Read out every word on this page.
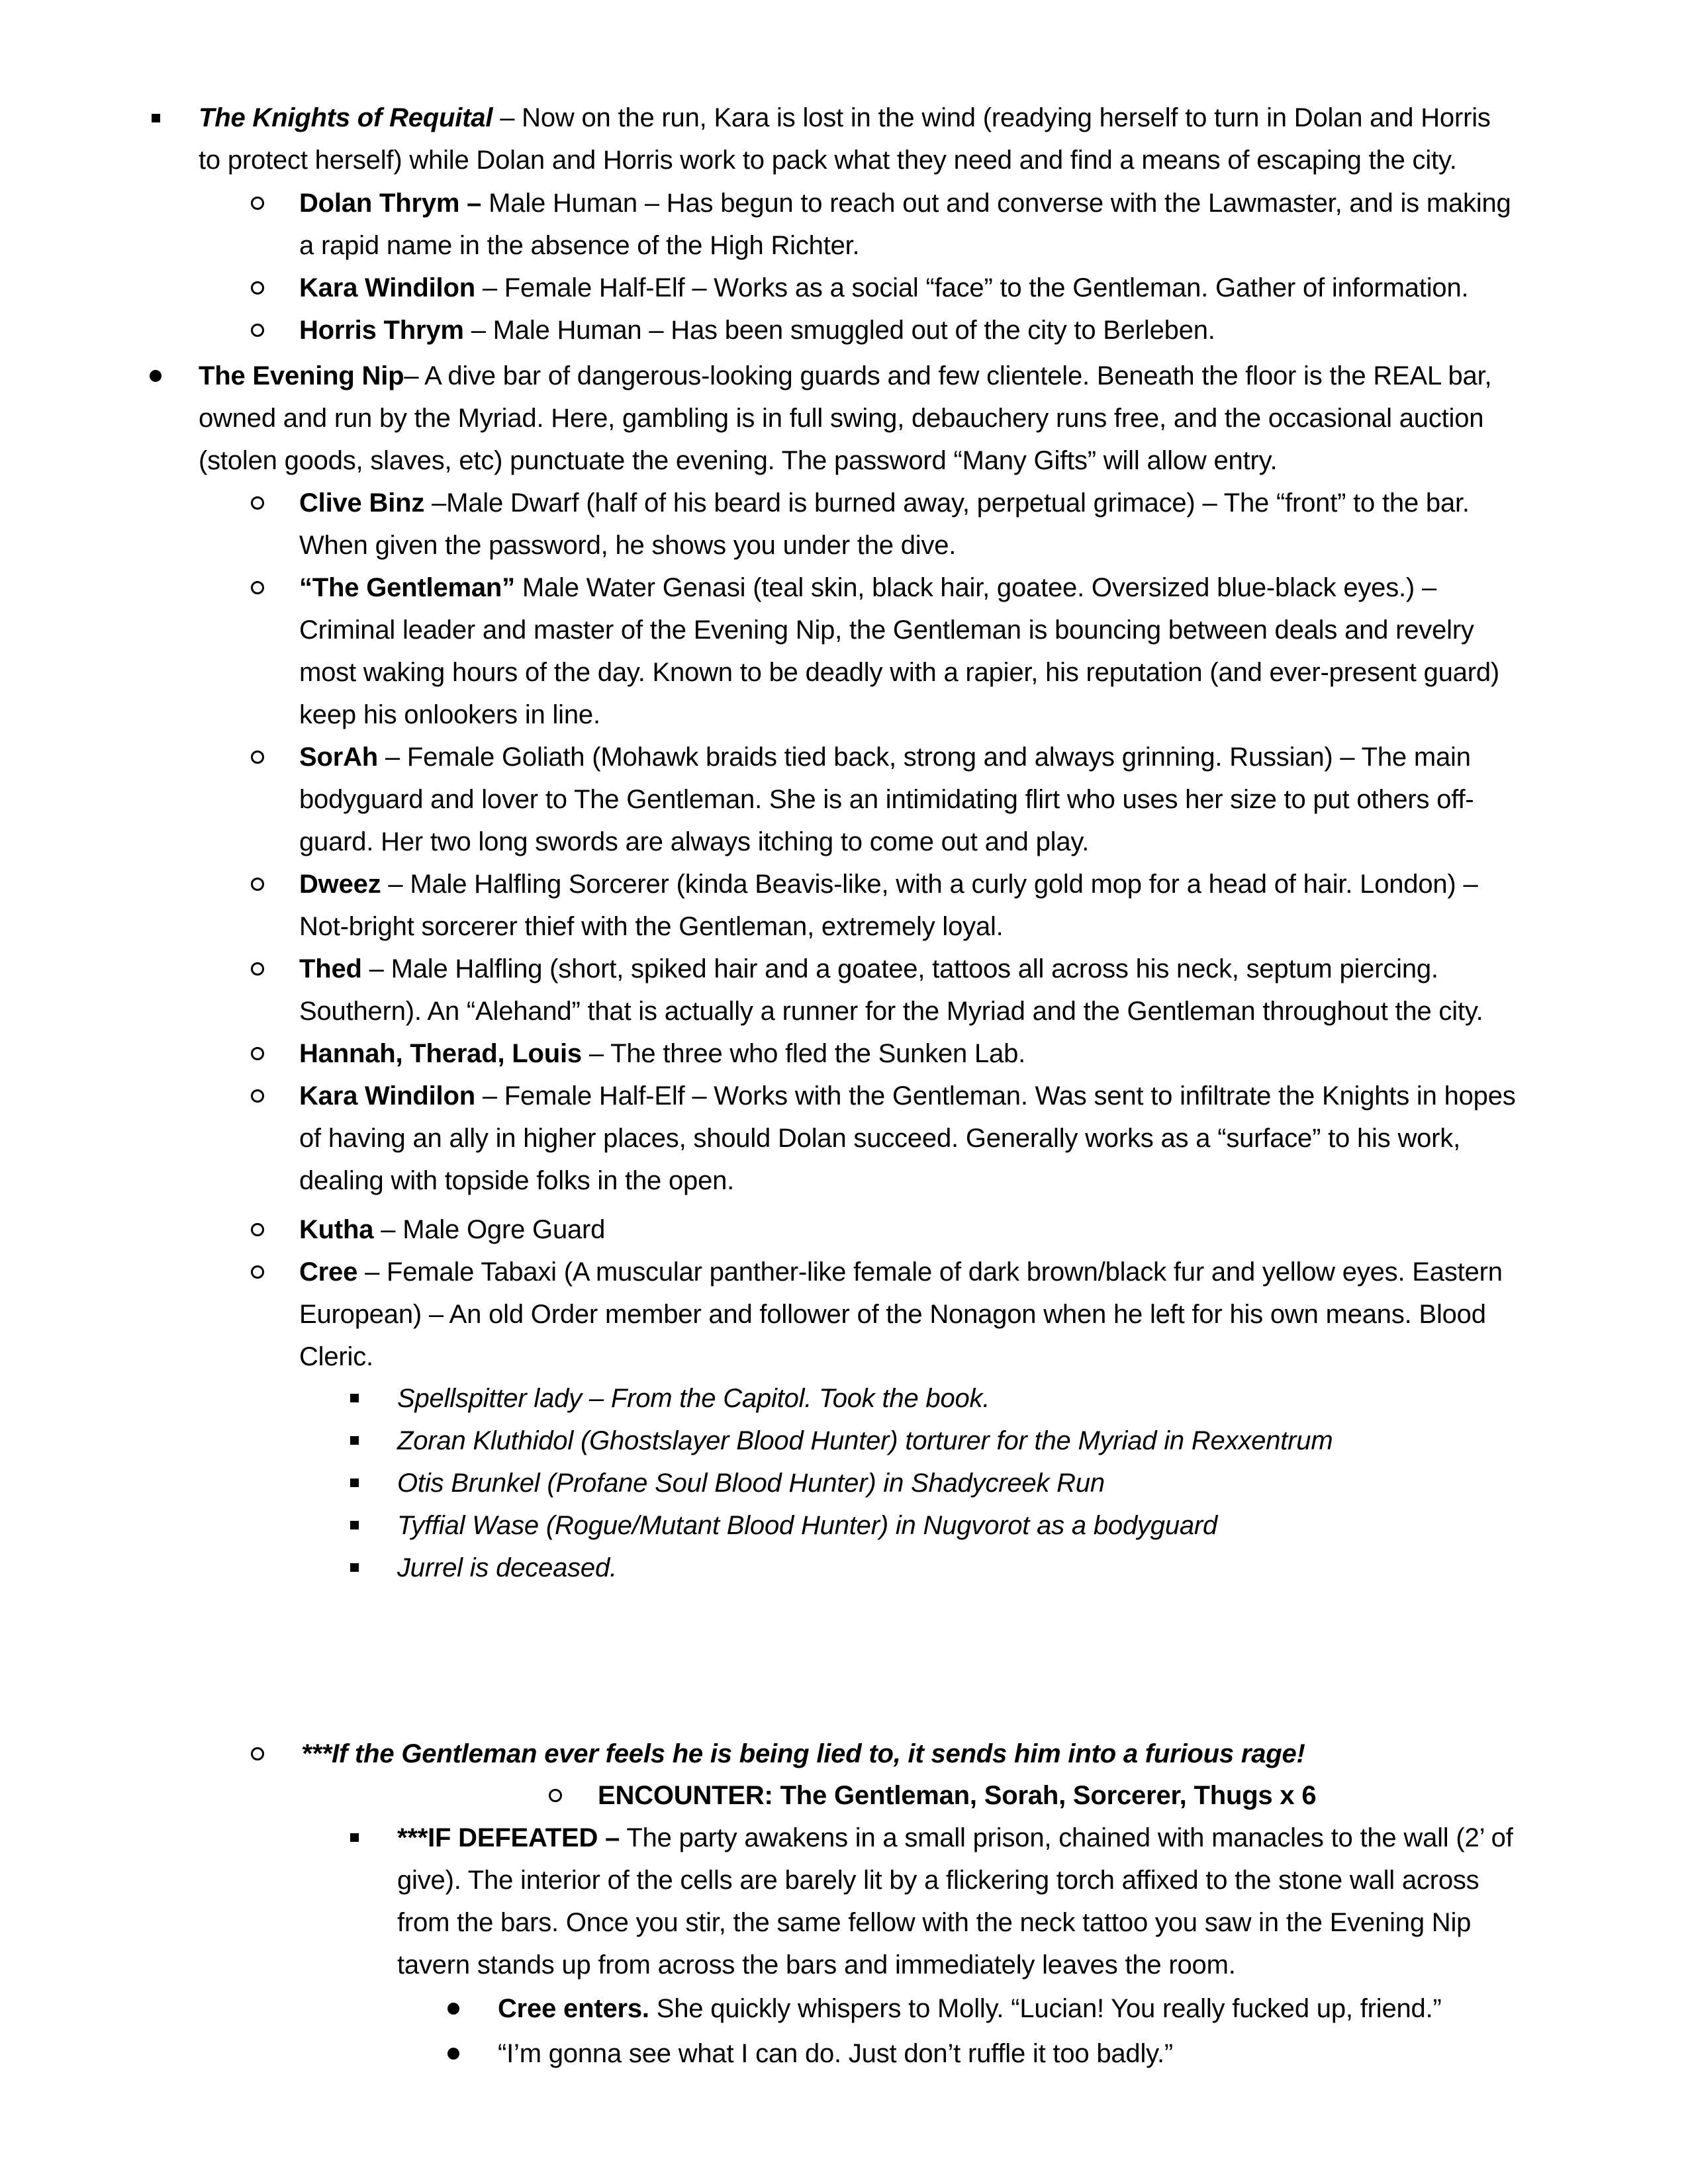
The Knights of Requital – Now on the run, Kara is lost in the wind (readying herself to turn in Dolan and Horris
to protect herself) while Dolan and Horris work to pack what they need and find a means of escaping the city.
Dolan Thrym – Male Human – Has begun to reach out and converse with the Lawmaster, and is making
a rapid name in the absence of the High Richter.
Kara Windilon – Female Half-Elf – Works as a social “face” to the Gentleman. Gather of information.
Horris Thrym – Male Human – Has been smuggled out of the city to Berleben.
The Evening Nip– A dive bar of dangerous-looking guards and few clientele. Beneath the floor is the REAL bar,
owned and run by the Myriad. Here, gambling is in full swing, debauchery runs free, and the occasional auction
(stolen goods, slaves, etc) punctuate the evening. The password “Many Gifts” will allow entry.
Clive Binz –Male Dwarf (half of his beard is burned away, perpetual grimace) – The “front” to the bar.
When given the password, he shows you under the dive.
“The Gentleman” Male Water Genasi (teal skin, black hair, goatee. Oversized blue-black eyes.) –
Criminal leader and master of the Evening Nip, the Gentleman is bouncing between deals and revelry
most waking hours of the day. Known to be deadly with a rapier, his reputation (and ever-present guard)
keep his onlookers in line.
SorAh – Female Goliath (Mohawk braids tied back, strong and always grinning. Russian) – The main
bodyguard and lover to The Gentleman. She is an intimidating flirt who uses her size to put others off-
guard. Her two long swords are always itching to come out and play.
Dweez – Male Halfling Sorcerer (kinda Beavis-like, with a curly gold mop for a head of hair. London) –
Not-bright sorcerer thief with the Gentleman, extremely loyal.
Thed – Male Halfling (short, spiked hair and a goatee, tattoos all across his neck, septum piercing.
Southern). An “Alehand” that is actually a runner for the Myriad and the Gentleman throughout the city.
Hannah, Therad, Louis – The three who fled the Sunken Lab.
Kara Windilon – Female Half-Elf – Works with the Gentleman. Was sent to infiltrate the Knights in hopes
of having an ally in higher places, should Dolan succeed. Generally works as a “surface” to his work,
dealing with topside folks in the open.
Kutha – Male Ogre Guard
Cree – Female Tabaxi (A muscular panther-like female of dark brown/black fur and yellow eyes. Eastern
European) – An old Order member and follower of the Nonagon when he left for his own means. Blood
Cleric.
Spellspitter lady – From the Capitol. Took the book.
Zoran Kluthidol (Ghostslayer Blood Hunter) torturer for the Myriad in Rexxentrum
Otis Brunkel (Profane Soul Blood Hunter) in Shadycreek Run
Tyffial Wase (Rogue/Mutant Blood Hunter) in Nugvorot as a bodyguard
Jurrel is deceased.
***If the Gentleman ever feels he is being lied to, it sends him into a furious rage!
ENCOUNTER: The Gentleman, Sorah, Sorcerer, Thugs x 6
***IF DEFEATED – The party awakens in a small prison, chained with manacles to the wall (2’ of
give). The interior of the cells are barely lit by a flickering torch affixed to the stone wall across
from the bars. Once you stir, the same fellow with the neck tattoo you saw in the Evening Nip
tavern stands up from across the bars and immediately leaves the room.
Cree enters. She quickly whispers to Molly. “Lucian! You really fucked up, friend.”
“I’m gonna see what I can do. Just don’t ruffle it too badly.”
